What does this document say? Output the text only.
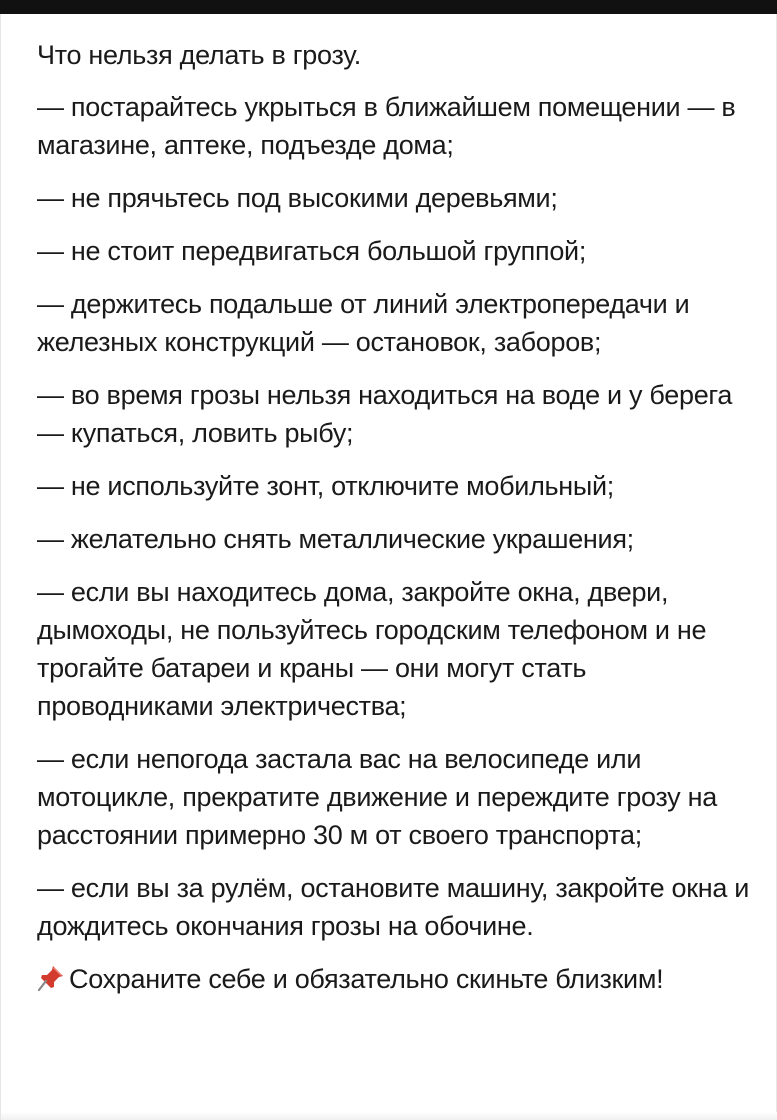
Что нельзя делать в грозу.

— постарайтесь укрыться в ближайшем помещении — в магазине, аптеке, подъезде дома;

— не прячьтесь под высокими деревьями;

— не стоит передвигаться большой группой;

— держитесь подальше от линий электропередачи и железных конструкций — остановок, заборов;

— во время грозы нельзя находиться на воде и у берега — купаться, ловить рыбу;

— не используйте зонт, отключите мобильный;

— желательно снять металлические украшения;

— если вы находитесь дома, закройте окна, двери, дымоходы, не пользуйтесь городским телефоном и не трогайте батареи и краны — они могут стать проводниками электричества;

— если непогода застала вас на велосипеде или мотоцикле, прекратите движение и переждите грозу на расстоянии примерно 30 м от своего транспорта;

— если вы за рулём, остановите машину, закройте окна и дождитесь окончания грозы на обочине.

Сохраните себе и обязательно скиньте близким!
